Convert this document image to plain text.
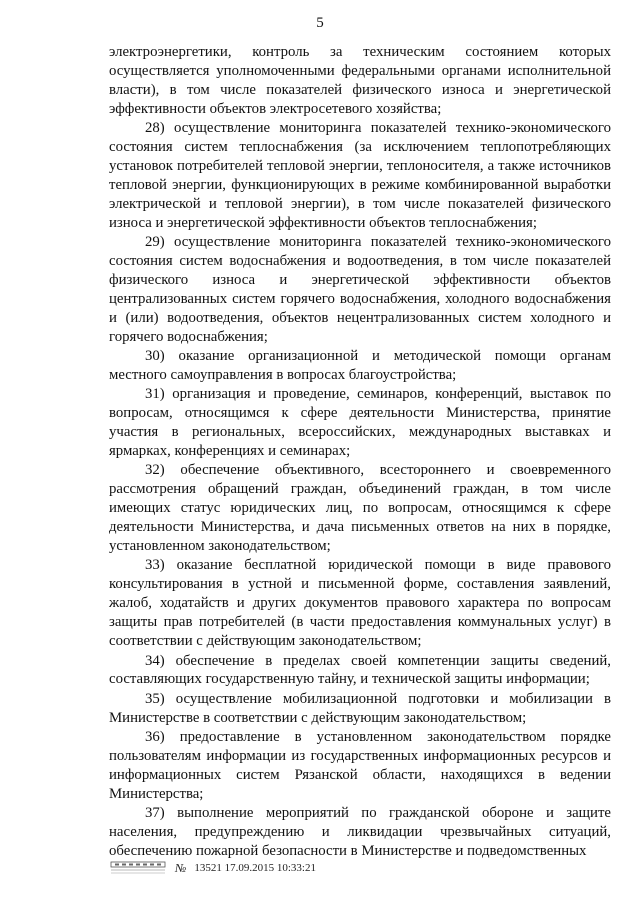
5

электроэнергетики, контроль за техническим состоянием которых осуществляется уполномоченными федеральными органами исполнительной власти), в том числе показателей физического износа и энергетической эффективности объектов электросетевого хозяйства;

28) осуществление мониторинга показателей технико-экономического состояния систем теплоснабжения (за исключением теплопотребляющих установок потребителей тепловой энергии, теплоносителя, а также источников тепловой энергии, функционирующих в режиме комбинированной выработки электрической и тепловой энергии), в том числе показателей физического износа и энергетической эффективности объектов теплоснабжения;

29) осуществление мониторинга показателей технико-экономического состояния систем водоснабжения и водоотведения, в том числе показателей физического износа и энергетической эффективности объектов централизованных систем горячего водоснабжения, холодного водоснабжения и (или) водоотведения, объектов нецентрализованных систем холодного и горячего водоснабжения;

30) оказание организационной и методической помощи органам местного самоуправления в вопросах благоустройства;

31) организация и проведение, семинаров, конференций, выставок по вопросам, относящимся к сфере деятельности Министерства, принятие участия в региональных, всероссийских, международных выставках и ярмарках, конференциях и семинарах;

32) обеспечение объективного, всестороннего и своевременного рассмотрения обращений граждан, объединений граждан, в том числе имеющих статус юридических лиц, по вопросам, относящимся к сфере деятельности Министерства, и дача письменных ответов на них в порядке, установленном законодательством;

33) оказание бесплатной юридической помощи в виде правового консультирования в устной и письменной форме, составления заявлений, жалоб, ходатайств и других документов правового характера по вопросам защиты прав потребителей (в части предоставления коммунальных услуг) в соответствии с действующим законодательством;

34) обеспечение в пределах своей компетенции защиты сведений, составляющих государственную тайну, и технической защиты информации;

35) осуществление мобилизационной подготовки и мобилизации в Министерстве в соответствии с действующим законодательством;

36) предоставление в установленном законодательством порядке пользователям информации из государственных информационных ресурсов и информационных систем Рязанской области, находящихся в ведении Министерства;

37) выполнение мероприятий по гражданской обороне и защите населения, предупреждению и ликвидации чрезвычайных ситуаций, обеспечению пожарной безопасности в Министерстве и подведомственных

№ 13521 17.09.2015 10:33:21
